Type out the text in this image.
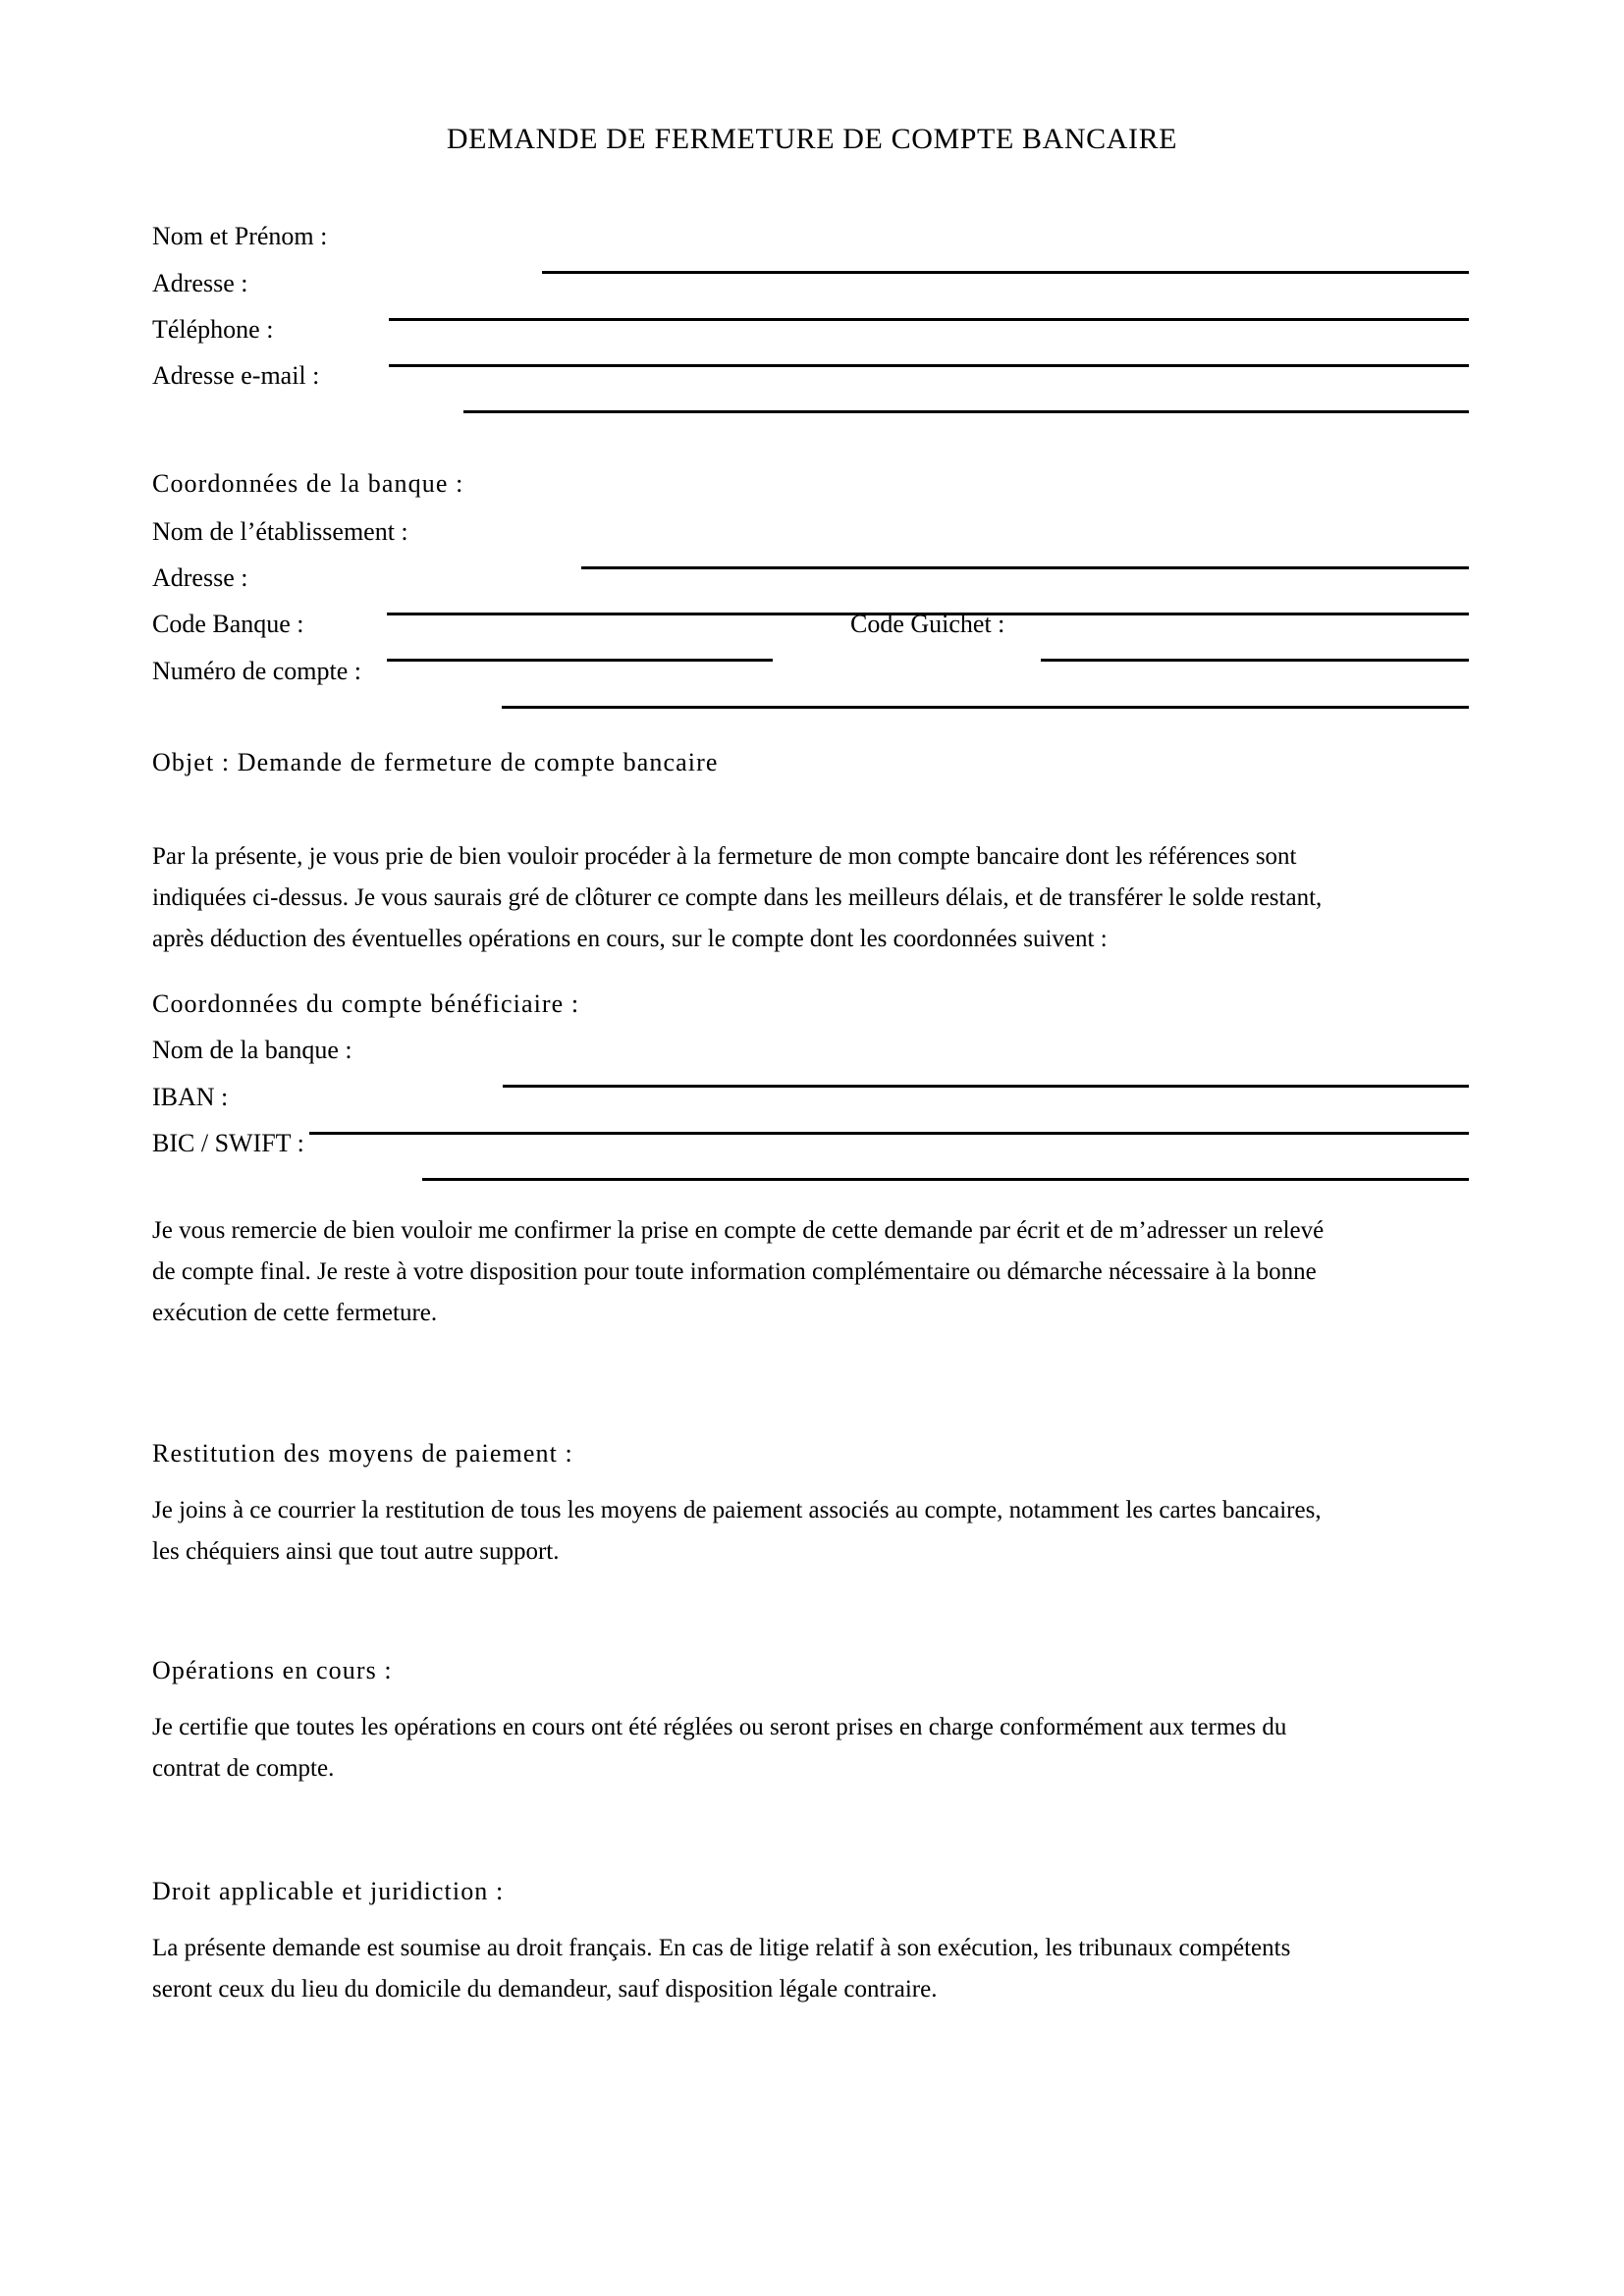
DEMANDE DE FERMETURE DE COMPTE BANCAIRE
Nom et Prénom :
Adresse :
Téléphone :
Adresse e-mail :
Coordonnées de la banque :
Nom de l’établissement :
Adresse :
Code Banque :	Code Guichet :
Numéro de compte :
Objet : Demande de fermeture de compte bancaire

Par la présente, je vous prie de bien vouloir procéder à la fermeture de mon compte bancaire dont les références sont

indiquées ci-dessus. Je vous saurais gré de clôturer ce compte dans les meilleurs délais, et de transférer le solde restant,

après déduction des éventuelles opérations en cours, sur le compte dont les coordonnées suivent :

Coordonnées du compte bénéficiaire :
Nom de la banque :
IBAN :
BIC / SWIFT :

Je vous remercie de bien vouloir me confirmer la prise en compte de cette demande par écrit et de m’adresser un relevé

de compte final. Je reste à votre disposition pour toute information complémentaire ou démarche nécessaire à la bonne

exécution de cette fermeture.

Restitution des moyens de paiement :

Je joins à ce courrier la restitution de tous les moyens de paiement associés au compte, notamment les cartes bancaires,

les chéquiers ainsi que tout autre support.

Opérations en cours :

Je certifie que toutes les opérations en cours ont été réglées ou seront prises en charge conformément aux termes du

contrat de compte.

Droit applicable et juridiction :

La présente demande est soumise au droit français. En cas de litige relatif à son exécution, les tribunaux compétents

seront ceux du lieu du domicile du demandeur, sauf disposition légale contraire.
